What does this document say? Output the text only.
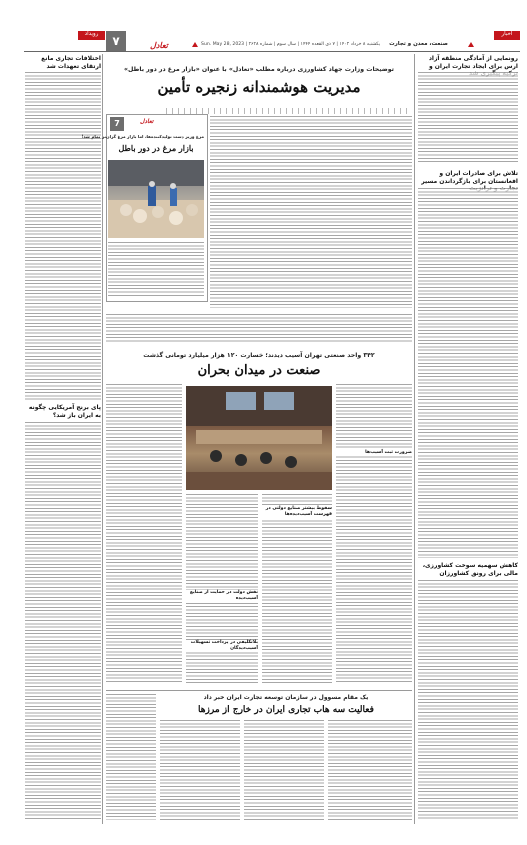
اخبار
رویداد	۷	تعادل	یکشنبه ۸ خرداد ۱۴۰۲ | ۷ ذی القعده ۱۴۴۴ | سال سوم | شماره ۲۶۲۸ | Sun. May 28, 2023 صنعت، معدن و تجارت
رونمایی از آمادگی منطقه آزاد ارس برای ایجاد تجارت ایران و
تلاش برای صادرات ایران و افغانستان برای بازگرداندن مسیر
کاهش سهمیه سوخت کشاورزی، مالی برای رونق کشاورزان
اختلافات تجاری مانع ارتقای تعهدات شد
پای برنج آمریکایی چگونه به ایران باز شد؟
توضیحات وزارت جهاد کشاورزی درباره مطلب «تعادل» با عنوان «بازار مرغ در دور باطل»
مدیریت هوشمندانه زنجیره تأمین
7	تعادل
مرغ وزیر دست تولیدکننده‌ها، اما بازار مرغ گران‌تر تمام شد!
بازار مرغ در دور باطل
۳۴۲ واحد صنعتی تهران آسیب دیدند؛ خسارت ۱۲۰ هزار میلیارد تومانی گذشت
صنعت در میدان بحران
سقوط بیشتر صنایع دولتی در فهرست آسیب‌دیده‌ها
ضرورت ثبت آسیب‌ها
نقش دولت در حمایت از صنایع آسیب‌دیده
بلاتکلیفی در پرداخت تسهیلات آسیب‌دیدگان
یک مقام مسوول در سازمان توسعه تجارت ایران خبر داد
فعالیت سه هاب تجاری ایران در خارج از مرزها
